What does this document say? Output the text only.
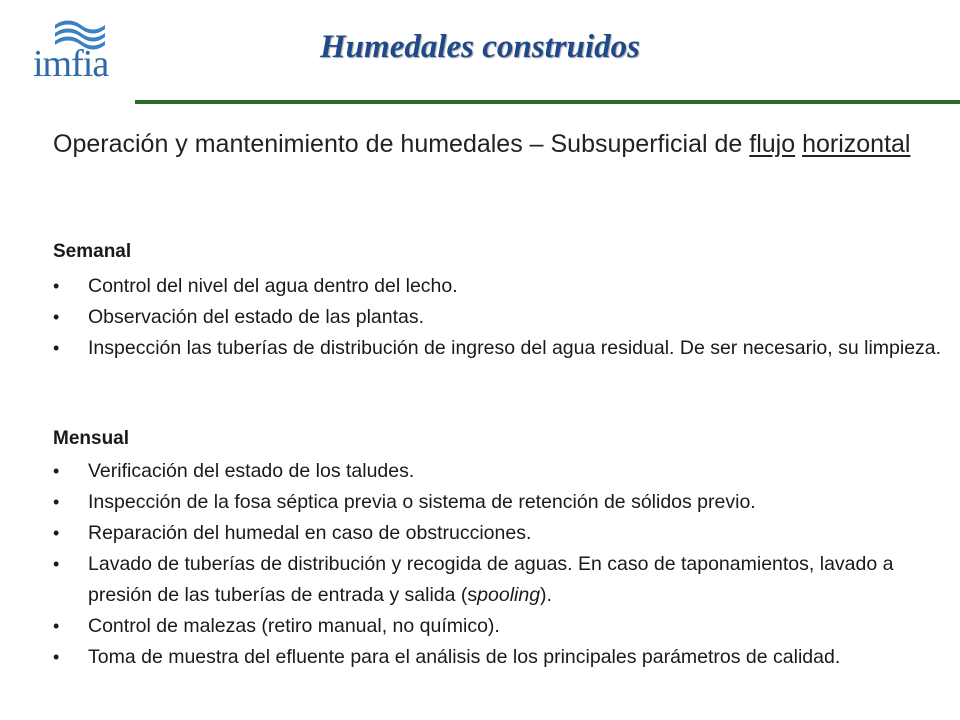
imfia	Humedales construidos
Operación y mantenimiento de humedales – Subsuperficial de flujo horizontal
Semanal
• Control del nivel del agua dentro del lecho.
• Observación del estado de las plantas.
• Inspección las tuberías de distribución de ingreso del agua residual. De ser necesario, su limpieza.
Mensual
• Verificación del estado de los taludes.
• Inspección de la fosa séptica previa o sistema de retención de sólidos previo.
• Reparación del humedal en caso de obstrucciones.
• Lavado de tuberías de distribución y recogida de aguas. En caso de taponamientos, lavado a presión de las tuberías de entrada y salida (spooling).
• Control de malezas (retiro manual, no químico).
• Toma de muestra del efluente para el análisis de los principales parámetros de calidad.
